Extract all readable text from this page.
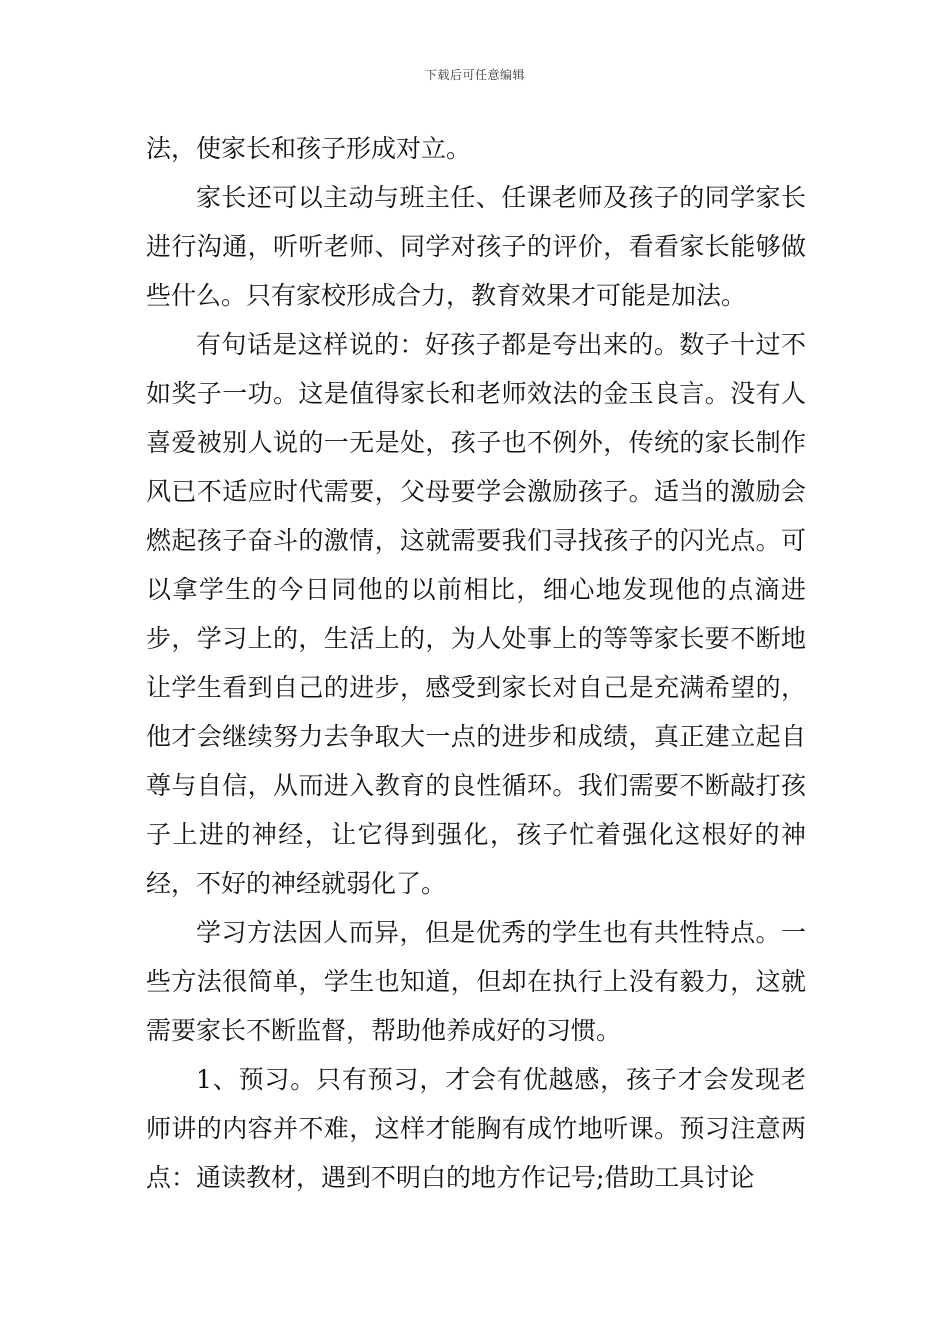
下载后可任意编辑

法，使家长和孩子形成对立。

家长还可以主动与班主任、任课老师及孩子的同学家长进行沟通，听听老师、同学对孩子的评价，看看家长能够做些什么。只有家校形成合力，教育效果才可能是加法。

有句话是这样说的：好孩子都是夸出来的。数子十过不如奖子一功。这是值得家长和老师效法的金玉良言。没有人喜爱被别人说的一无是处，孩子也不例外，传统的家长制作风已不适应时代需要，父母要学会激励孩子。适当的激励会燃起孩子奋斗的激情，这就需要我们寻找孩子的闪光点。可以拿学生的今日同他的以前相比，细心地发现他的点滴进步，学习上的，生活上的，为人处事上的等等家长要不断地让学生看到自己的进步，感受到家长对自己是充满希望的，他才会继续努力去争取大一点的进步和成绩，真正建立起自尊与自信，从而进入教育的良性循环。我们需要不断敲打孩子上进的神经，让它得到强化，孩子忙着强化这根好的神经，不好的神经就弱化了。

学习方法因人而异，但是优秀的学生也有共性特点。一些方法很简单，学生也知道，但却在执行上没有毅力，这就需要家长不断监督，帮助他养成好的习惯。

1、预习。只有预习，才会有优越感，孩子才会发现老师讲的内容并不难，这样才能胸有成竹地听课。预习注意两点：通读教材，遇到不明白的地方作记号;借助工具讨论
